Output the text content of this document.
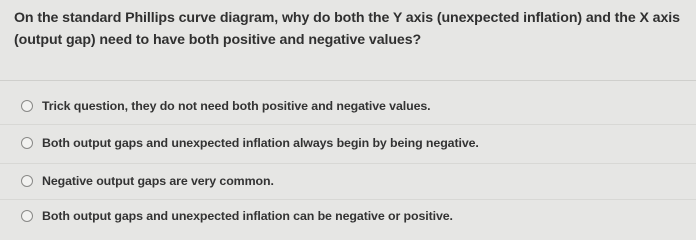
On the standard Phillips curve diagram, why do both the Y axis (unexpected inflation) and the X axis (output gap) need to have both positive and negative values?
Trick question, they do not need both positive and negative values.
Both output gaps and unexpected inflation always begin by being negative.
Negative output gaps are very common.
Both output gaps and unexpected inflation can be negative or positive.
